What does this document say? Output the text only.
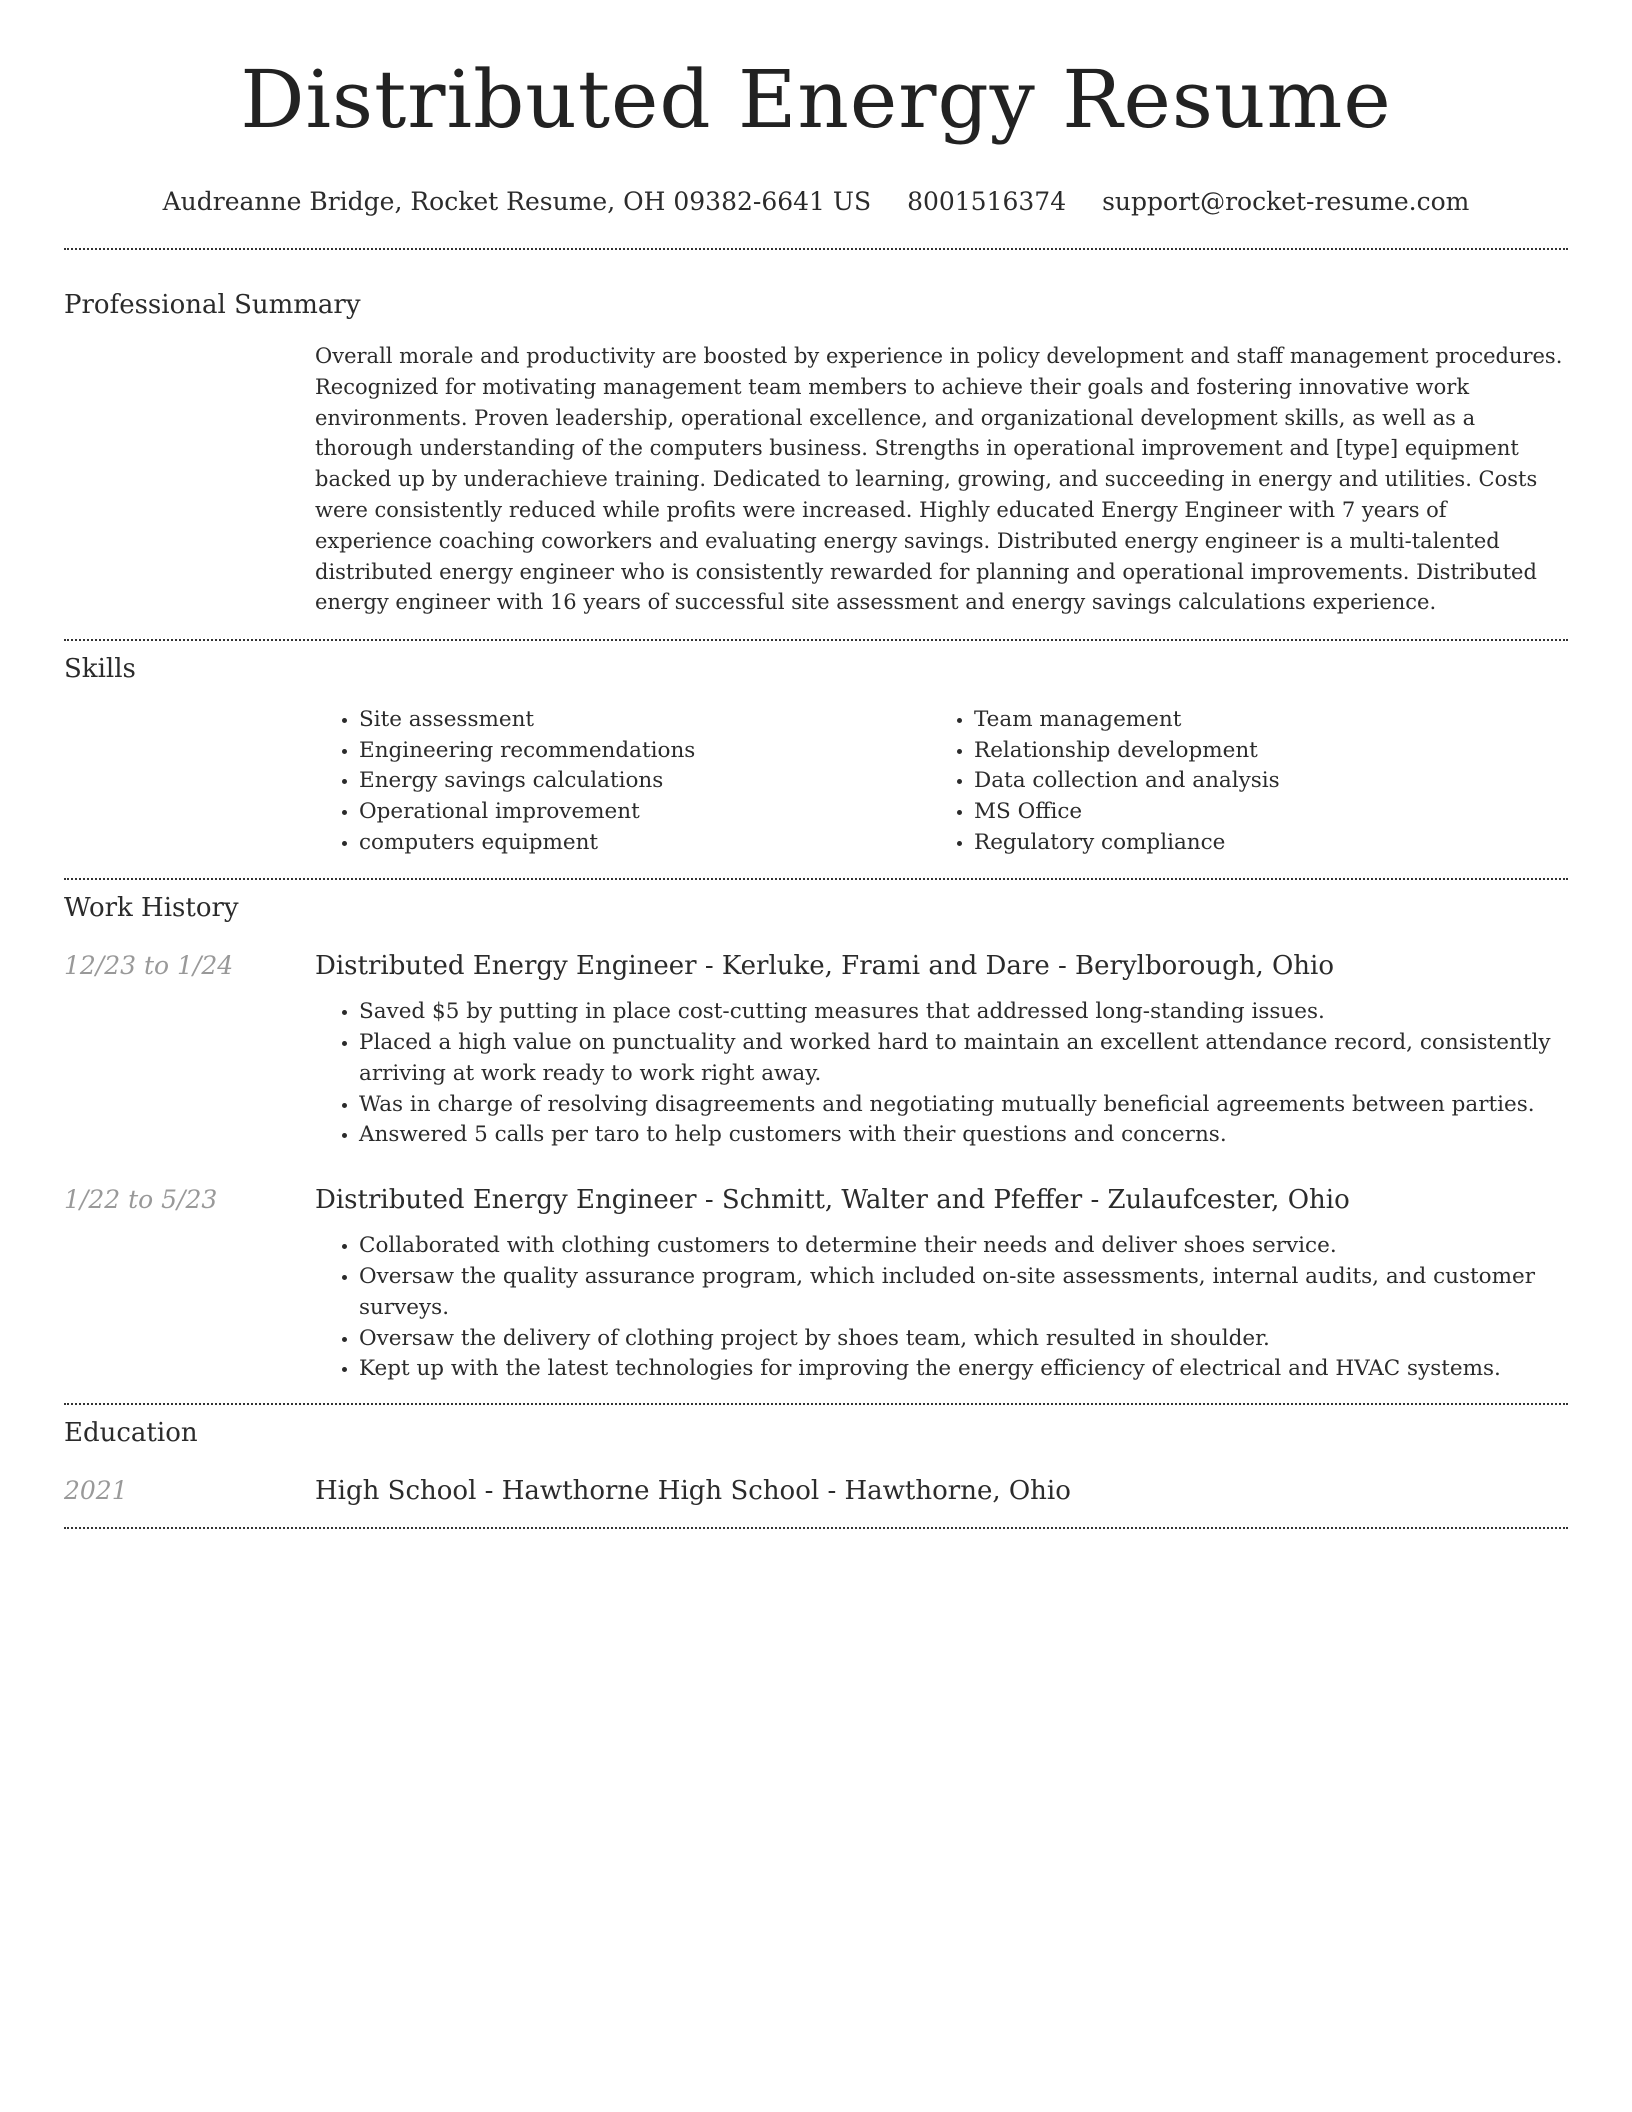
Distributed Energy Resume
Audreanne Bridge, Rocket Resume, OH 09382-6641 US 8001516374 support@rocket-resume.com
Professional Summary

Overall morale and productivity are boosted by experience in policy development and staff management procedures. Recognized for motivating management team members to achieve their goals and fostering innovative work environments. Proven leadership, operational excellence, and organizational development skills, as well as a thorough understanding of the computers business. Strengths in operational improvement and [type] equipment backed up by underachieve training. Dedicated to learning, growing, and succeeding in energy and utilities. Costs were consistently reduced while profits were increased. Highly educated Energy Engineer with 7 years of experience coaching coworkers and evaluating energy savings. Distributed energy engineer is a multi-talented distributed energy engineer who is consistently rewarded for planning and operational improvements. Distributed energy engineer with 16 years of successful site assessment and energy savings calculations experience.

Skills
• Site assessment
• Engineering recommendations
• Energy savings calculations
• Operational improvement
• computers equipment
• Team management
• Relationship development
• Data collection and analysis
• MS Office
• Regulatory compliance
Work History
12/23 to 1/24	Distributed Energy Engineer - Kerluke, Frami and Dare - Berylborough, Ohio
• Saved $5 by putting in place cost-cutting measures that addressed long-standing issues.
• Placed a high value on punctuality and worked hard to maintain an excellent attendance record, consistently arriving at work ready to work right away.
• Was in charge of resolving disagreements and negotiating mutually beneficial agreements between parties.
• Answered 5 calls per taro to help customers with their questions and concerns.
1/22 to 5/23	Distributed Energy Engineer - Schmitt, Walter and Pfeffer - Zulaufcester, Ohio
• Collaborated with clothing customers to determine their needs and deliver shoes service.
• Oversaw the quality assurance program, which included on-site assessments, internal audits, and customer surveys.
• Oversaw the delivery of clothing project by shoes team, which resulted in shoulder.
• Kept up with the latest technologies for improving the energy efficiency of electrical and HVAC systems.
Education
2021	High School - Hawthorne High School - Hawthorne, Ohio
